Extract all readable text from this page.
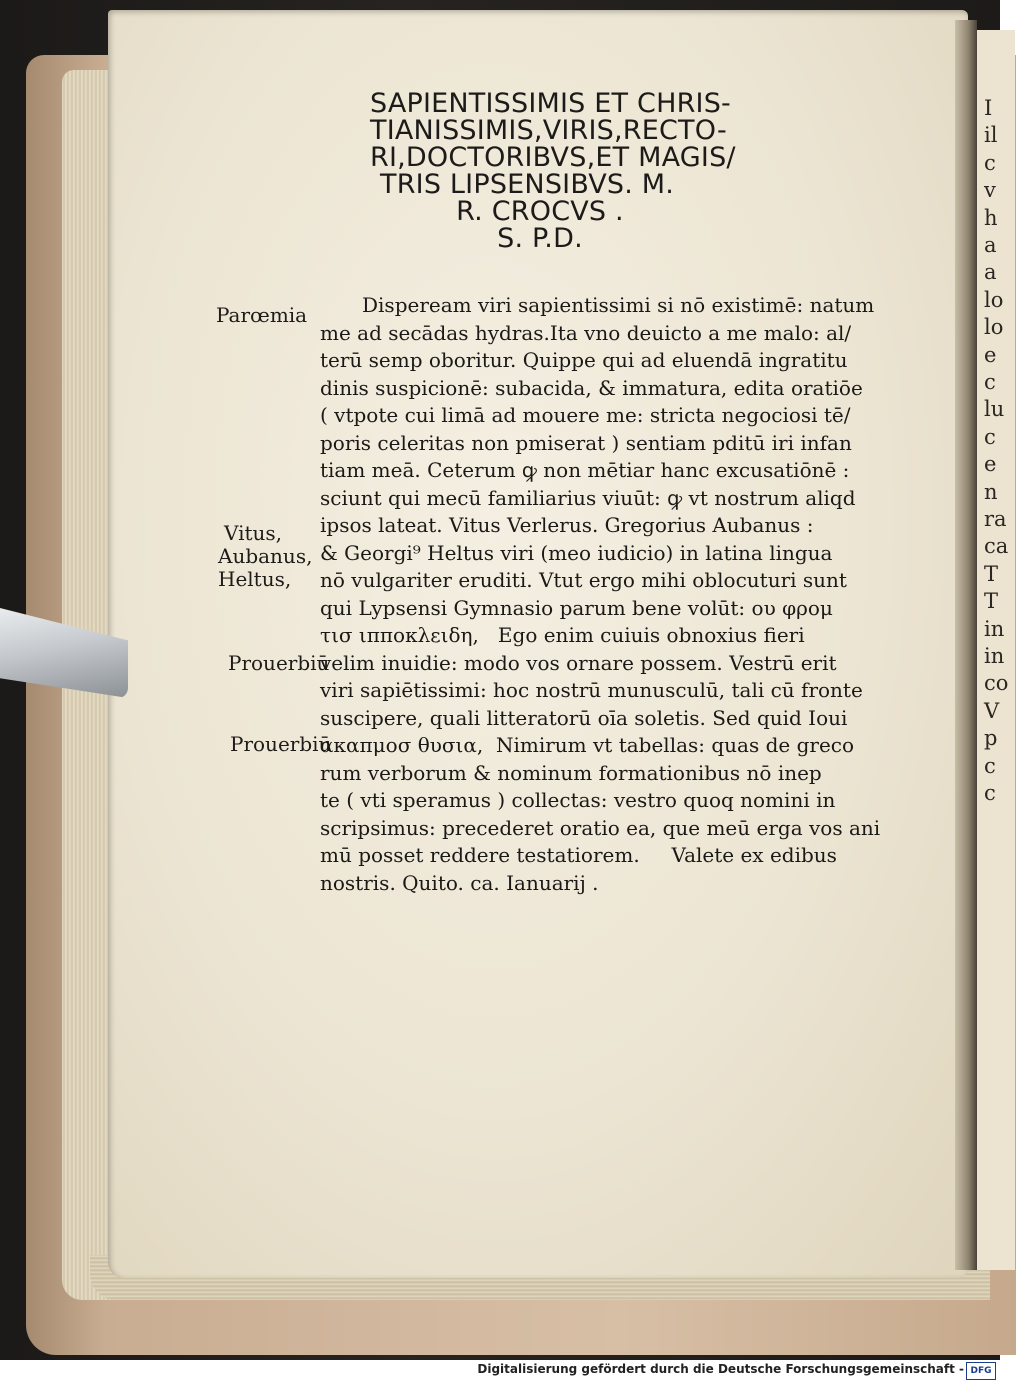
I
il
c
v
h
a
a
lo
lo
e
c
lu
c
e
n
ra
ca
T
T
in
in
co
V
p
c
c
SAPIENTISSIMIS ET CHRIS-
TIANISSIMIS,VIRIS,RECTO-
RI,DOCTORIBVS,ET MAGIS/
TRIS LIPSENSIBVS. M.
R. CROCVS .
S. P.D.
Parœmia
Vitus,
Aubanus,
Heltus,
Prouerbiū
Prouerbiū
Dispeream viri sapientissimi si nō existimē: natum
me ad secādas hydras.Ita vno deuicto a me malo: al/
terū semp oboritur. Quippe qui ad eluendā ingratitu
dinis suspicionē: subacida, & immatura, edita oratiōe
( vtpote cui limā ad mouere me: stricta negociosi tē/
poris celeritas non pmiserat ) sentiam pditū iri infan
tiam meā. Ceterum ꝙ non mētiar hanc excusatiōnē :
sciunt qui mecū familiarius viuūt: ꝙ vt nostrum aliqd
ipsos lateat. Vitus Verlerus. Gregorius Aubanus :
& Georgi⁹ Heltus viri (meo iudicio) in latina lingua
nō vulgariter eruditi. Vtut ergo mihi oblocuturi sunt
qui Lypsensi Gymnasio parum bene volūt: ου φρομ
τισ ιπποκλειδη,   Ego enim cuiuis obnoxius fieri
velim inuidie: modo vos ornare possem. Vestrū erit
viri sapiētissimi: hoc nostrū munusculū, tali cū fronte
suscipere, quali litteratorū oīa soletis. Sed quid Ioui
ακαπμοσ θυσια,  Nimirum vt tabellas: quas de greco
rum verborum & nominum formationibus nō inep
te ( vti speramus ) collectas: vestro quoq nomini in
scripsimus: precederet oratio ea, que meū erga vos ani
mū posset reddere testatiorem.     Valete ex edibus
nostris. Quito. ca. Ianuarij .
Digitalisierung gefördert durch die Deutsche Forschungsgemeinschaft - DFG
